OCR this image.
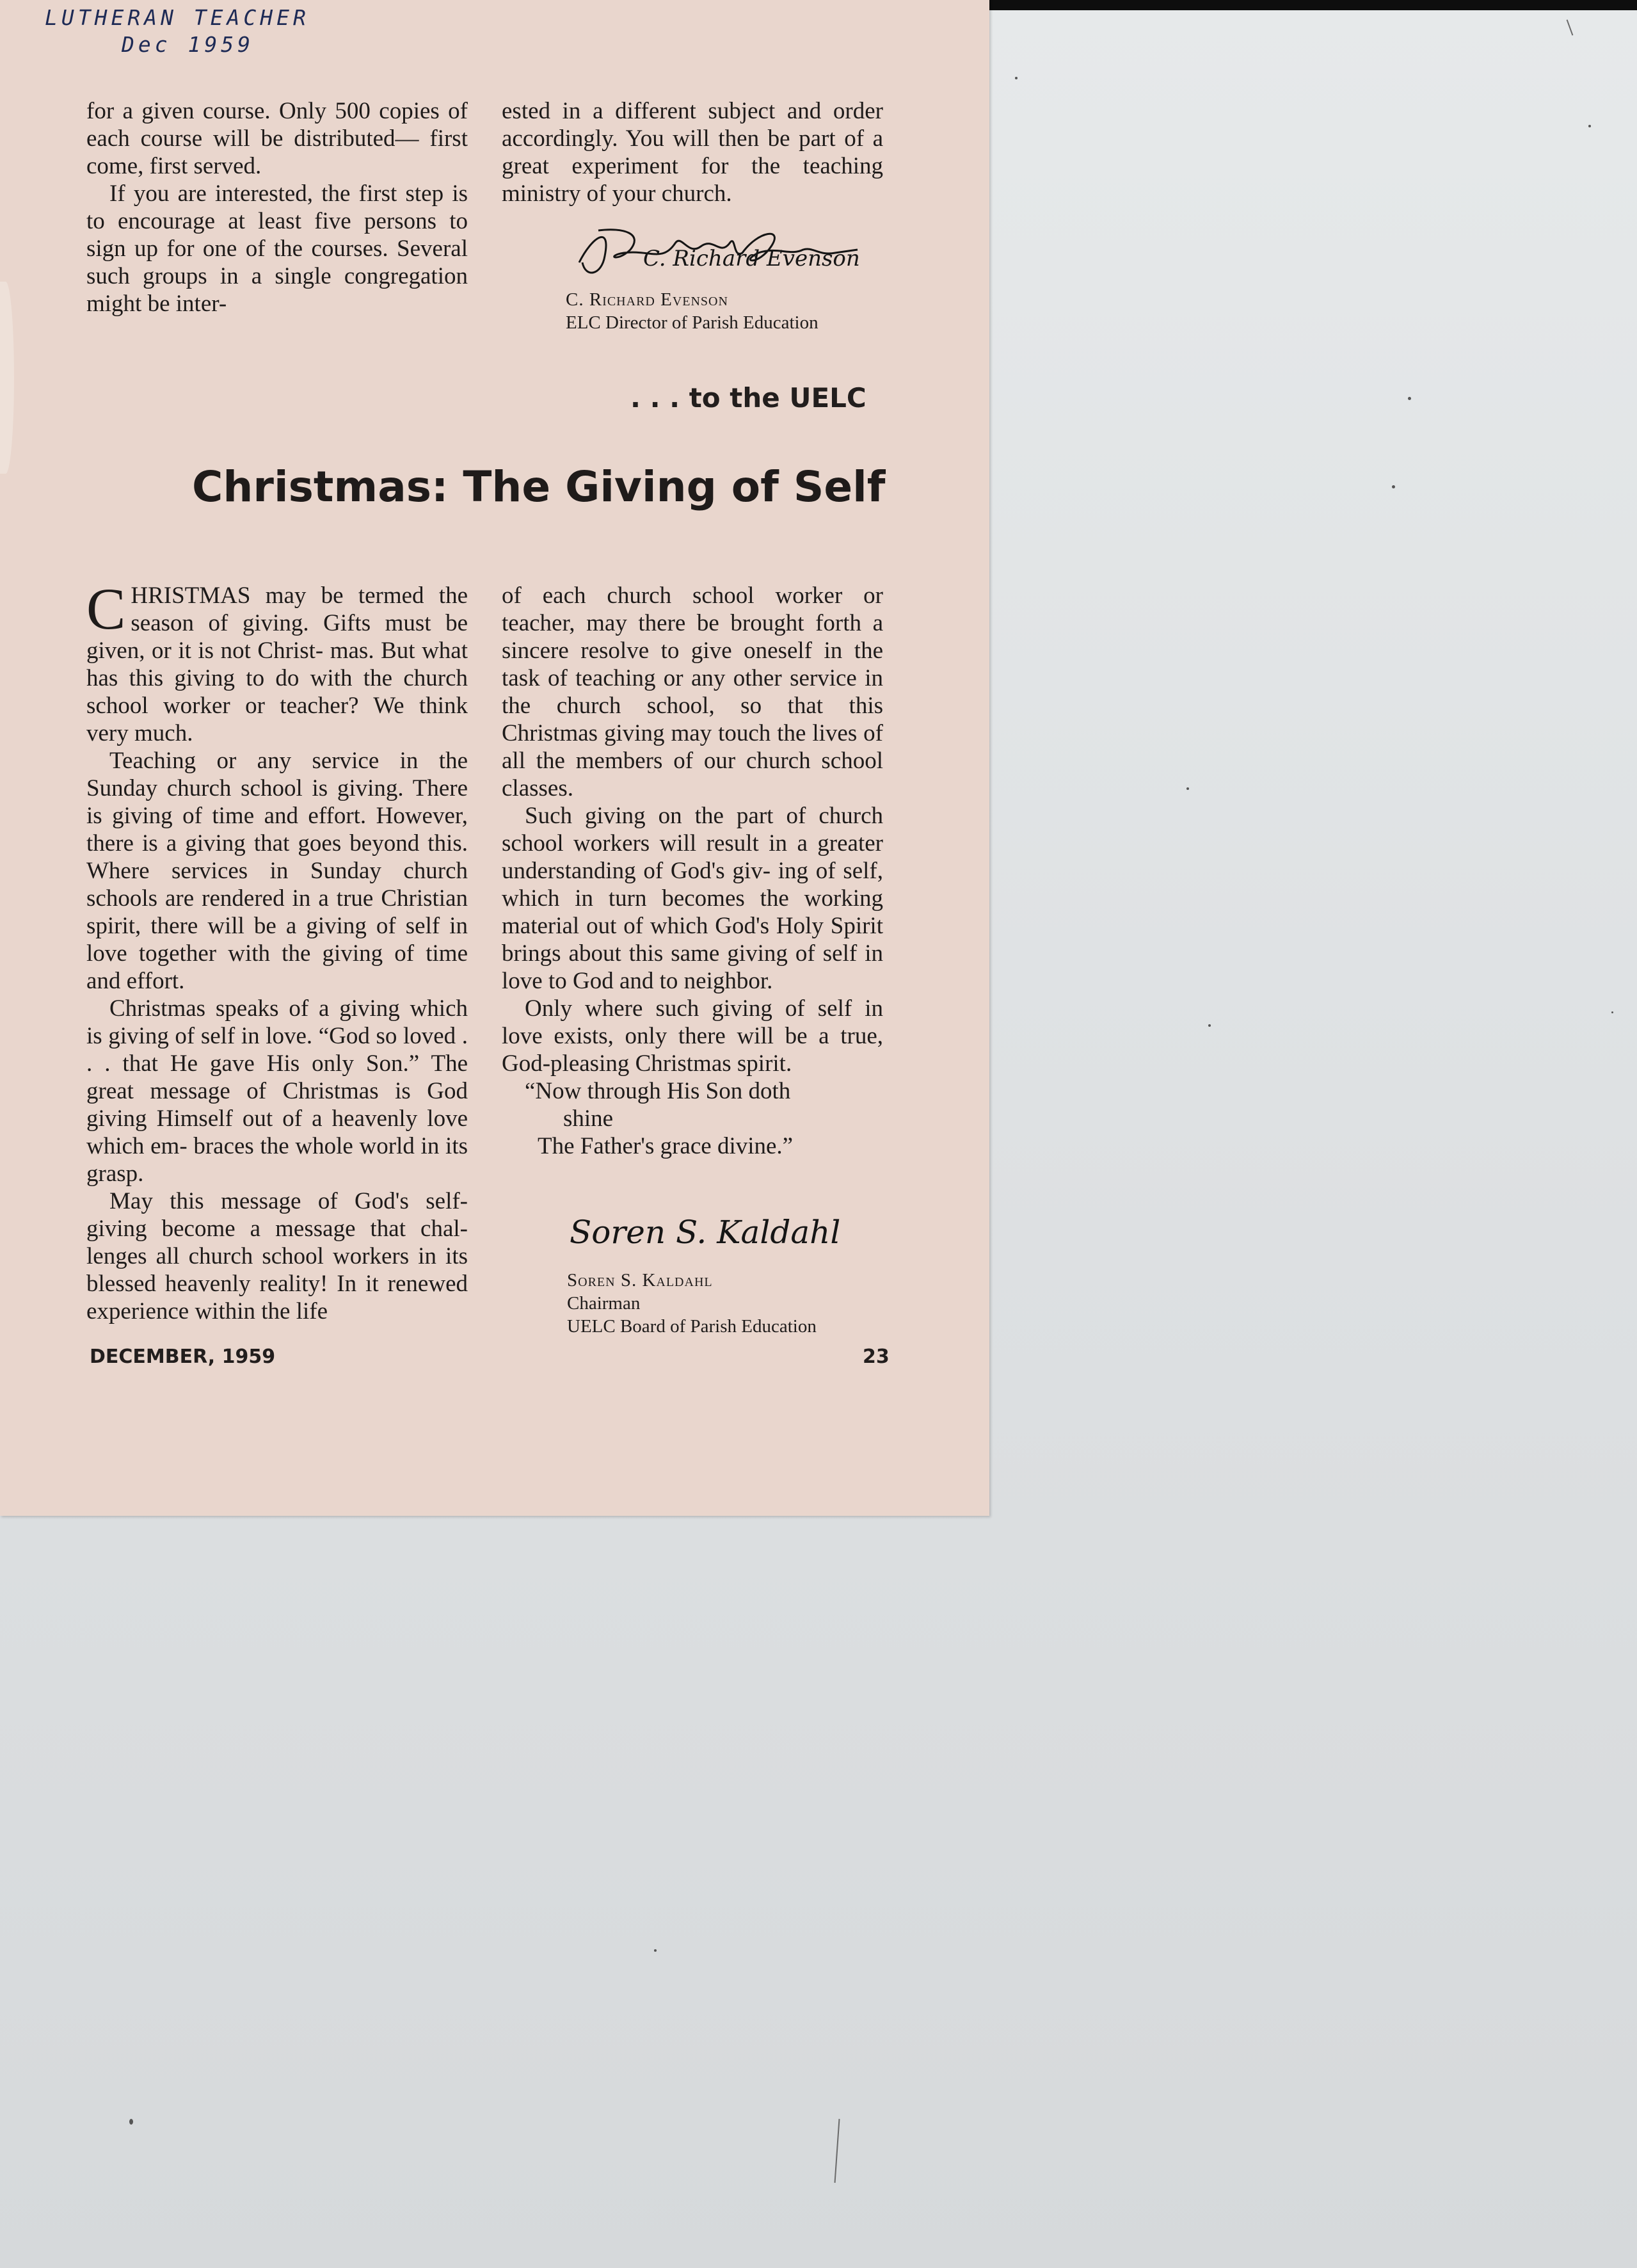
LUTHERAN TEACHER
Dec 1959

for a given course. Only 500 copies of each course will be distributed— first come, first served.

If you are interested, the first step is to encourage at least five persons to sign up for one of the courses. Several such groups in a single congregation might be inter-

ested in a different subject and order accordingly. You will then be part of a great experiment for the teaching ministry of your church.

C. Richard Evenson
C. Richard Evenson
ELC Director of Parish Education
. . . to the UELC
Christmas: The Giving of Self

CHRISTMAS may be termed the season of giving. Gifts must be given, or it is not Christ- mas. But what has this giving to do with the church school worker or teacher? We think very much.

Teaching or any service in the Sunday church school is giving. There is giving of time and effort. However, there is a giving that goes beyond this. Where services in Sunday church schools are rendered in a true Christian spirit, there will be a giving of self in love together with the giving of time and effort.

Christmas speaks of a giving which is giving of self in love. “God so loved . . . that He gave His only Son.” The great message of Christmas is God giving Himself out of a heavenly love which em- braces the whole world in its grasp.

May this message of God's self- giving become a message that chal- lenges all church school workers in its blessed heavenly reality! In it renewed experience within the life

of each church school worker or teacher, may there be brought forth a sincere resolve to give oneself in the task of teaching or any other service in the church school, so that this Christmas giving may touch the lives of all the members of our church school classes.

Such giving on the part of church school workers will result in a greater understanding of God's giv- ing of self, which in turn becomes the working material out of which God's Holy Spirit brings about this same giving of self in love to God and to neighbor.

Only where such giving of self in love exists, only there will be a true, God-pleasing Christmas spirit.

“Now through His Son doth
shine
The Father's grace divine.”
Soren S. Kaldahl
Soren S. Kaldahl
Chairman
UELC Board of Parish Education
DECEMBER, 1959	23
